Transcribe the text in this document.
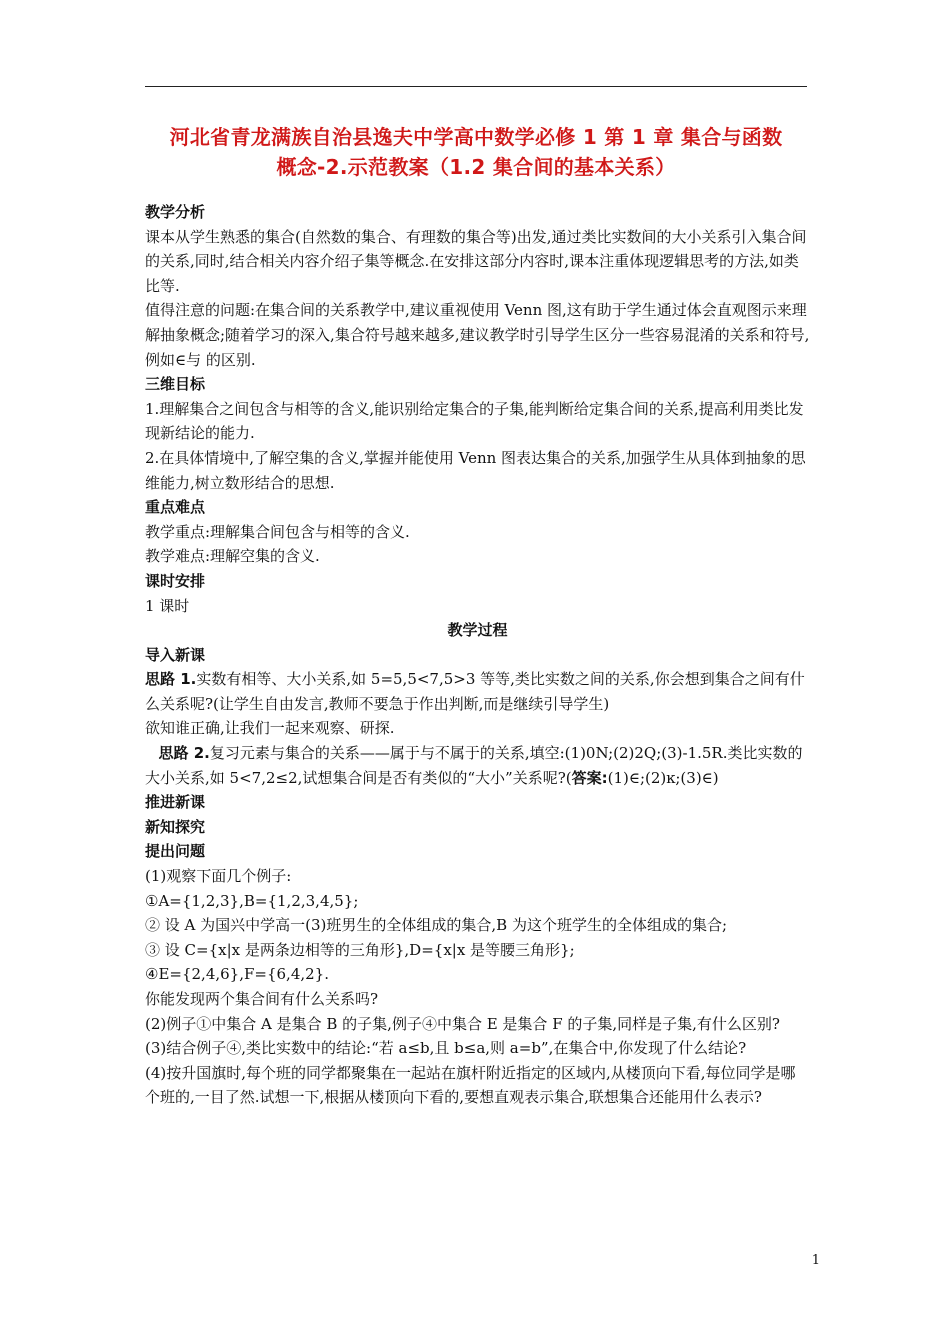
河北省青龙满族自治县逸夫中学高中数学必修 1 第 1 章 集合与函数
概念-2.示范教案（1.2 集合间的基本关系）

教学分析

课本从学生熟悉的集合(自然数的集合、有理数的集合等)出发,通过类比实数间的大小关系引入集合间的关系,同时,结合相关内容介绍子集等概念.在安排这部分内容时,课本注重体现逻辑思考的方法,如类比等.

值得注意的问题:在集合间的关系教学中,建议重视使用 Venn 图,这有助于学生通过体会直观图示来理解抽象概念;随着学习的深入,集合符号越来越多,建议教学时引导学生区分一些容易混淆的关系和符号,例如∈与 的区别.

三维目标

1.理解集合之间包含与相等的含义,能识别给定集合的子集,能判断给定集合间的关系,提高利用类比发现新结论的能力.

2.在具体情境中,了解空集的含义,掌握并能使用 Venn 图表达集合的关系,加强学生从具体到抽象的思维能力,树立数形结合的思想.

重点难点

教学重点:理解集合间包含与相等的含义.

教学难点:理解空集的含义.

课时安排

1 课时

教学过程

导入新课

思路 1.实数有相等、大小关系,如 5=5,5<7,5>3 等等,类比实数之间的关系,你会想到集合之间有什么关系呢?(让学生自由发言,教师不要急于作出判断,而是继续引导学生)

欲知谁正确,让我们一起来观察、研探.

思路 2.复习元素与集合的关系——属于与不属于的关系,填空:(1)0N;(2)2Q;(3)-1.5R.类比实数的大小关系,如 5<7,2≤2,试想集合间是否有类似的“大小”关系呢?(答案:(1)∈;(2)ĸ;(3)∈)

推进新课

新知探究

提出问题

(1)观察下面几个例子:

①A={1,2,3},B={1,2,3,4,5};

② 设 A 为国兴中学高一(3)班男生的全体组成的集合,B 为这个班学生的全体组成的集合;

③ 设 C={x|x 是两条边相等的三角形},D={x|x 是等腰三角形};

④E={2,4,6},F={6,4,2}.

你能发现两个集合间有什么关系吗?

(2)例子①中集合 A 是集合 B 的子集,例子④中集合 E 是集合 F 的子集,同样是子集,有什么区别?

(3)结合例子④,类比实数中的结论:“若 a≤b,且 b≤a,则 a=b”,在集合中,你发现了什么结论?

(4)按升国旗时,每个班的同学都聚集在一起站在旗杆附近指定的区域内,从楼顶向下看,每位同学是哪个班的,一目了然.试想一下,根据从楼顶向下看的,要想直观表示集合,联想集合还能用什么表示?

1
